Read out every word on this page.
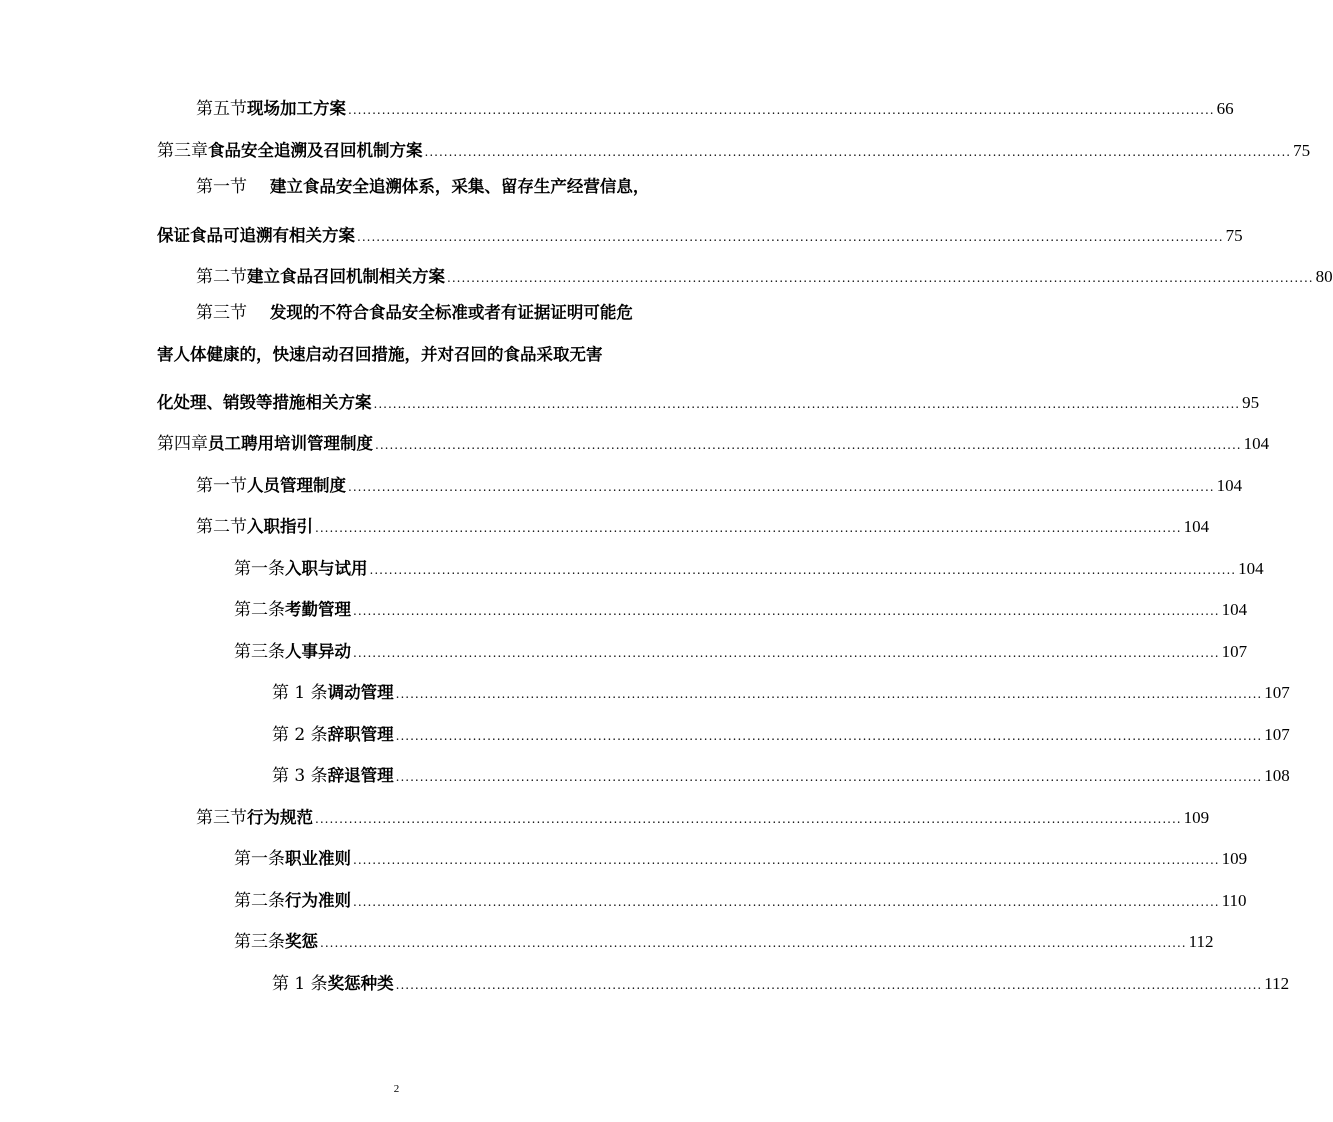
第五节 现场加工方案 .................................................................................................................................................................................... 66
第三章 食品安全追溯及召回机制方案 .................................................................................................................................................................................... 75
第一节 建立食品安全追溯体系，采集、留存生产经营信息，
保证食品可追溯有相关方案 .................................................................................................................................................................................... 75
第二节 建立食品召回机制相关方案 .................................................................................................................................................................................... 80
第三节 发现的不符合食品安全标准或者有证据证明可能危
害人体健康的，快速启动召回措施，并对召回的食品采取无害
化处理、销毁等措施相关方案 .................................................................................................................................................................................... 95
第四章 员工聘用培训管理制度 .................................................................................................................................................................................... 104
第一节 人员管理制度 .................................................................................................................................................................................... 104
第二节 入职指引 .................................................................................................................................................................................... 104
第一条 入职与试用 .................................................................................................................................................................................... 104
第二条 考勤管理 .................................................................................................................................................................................... 104
第三条 人事异动 .................................................................................................................................................................................... 107
第 1 条 调动管理 .................................................................................................................................................................................... 107
第 2 条 辞职管理 .................................................................................................................................................................................... 107
第 3 条 辞退管理 .................................................................................................................................................................................... 108
第三节 行为规范 .................................................................................................................................................................................... 109
第一条 职业准则 .................................................................................................................................................................................... 109
第二条 行为准则 .................................................................................................................................................................................... 110
第三条 奖惩 .................................................................................................................................................................................... 112
第 1 条 奖惩种类 .................................................................................................................................................................................... 112
2
